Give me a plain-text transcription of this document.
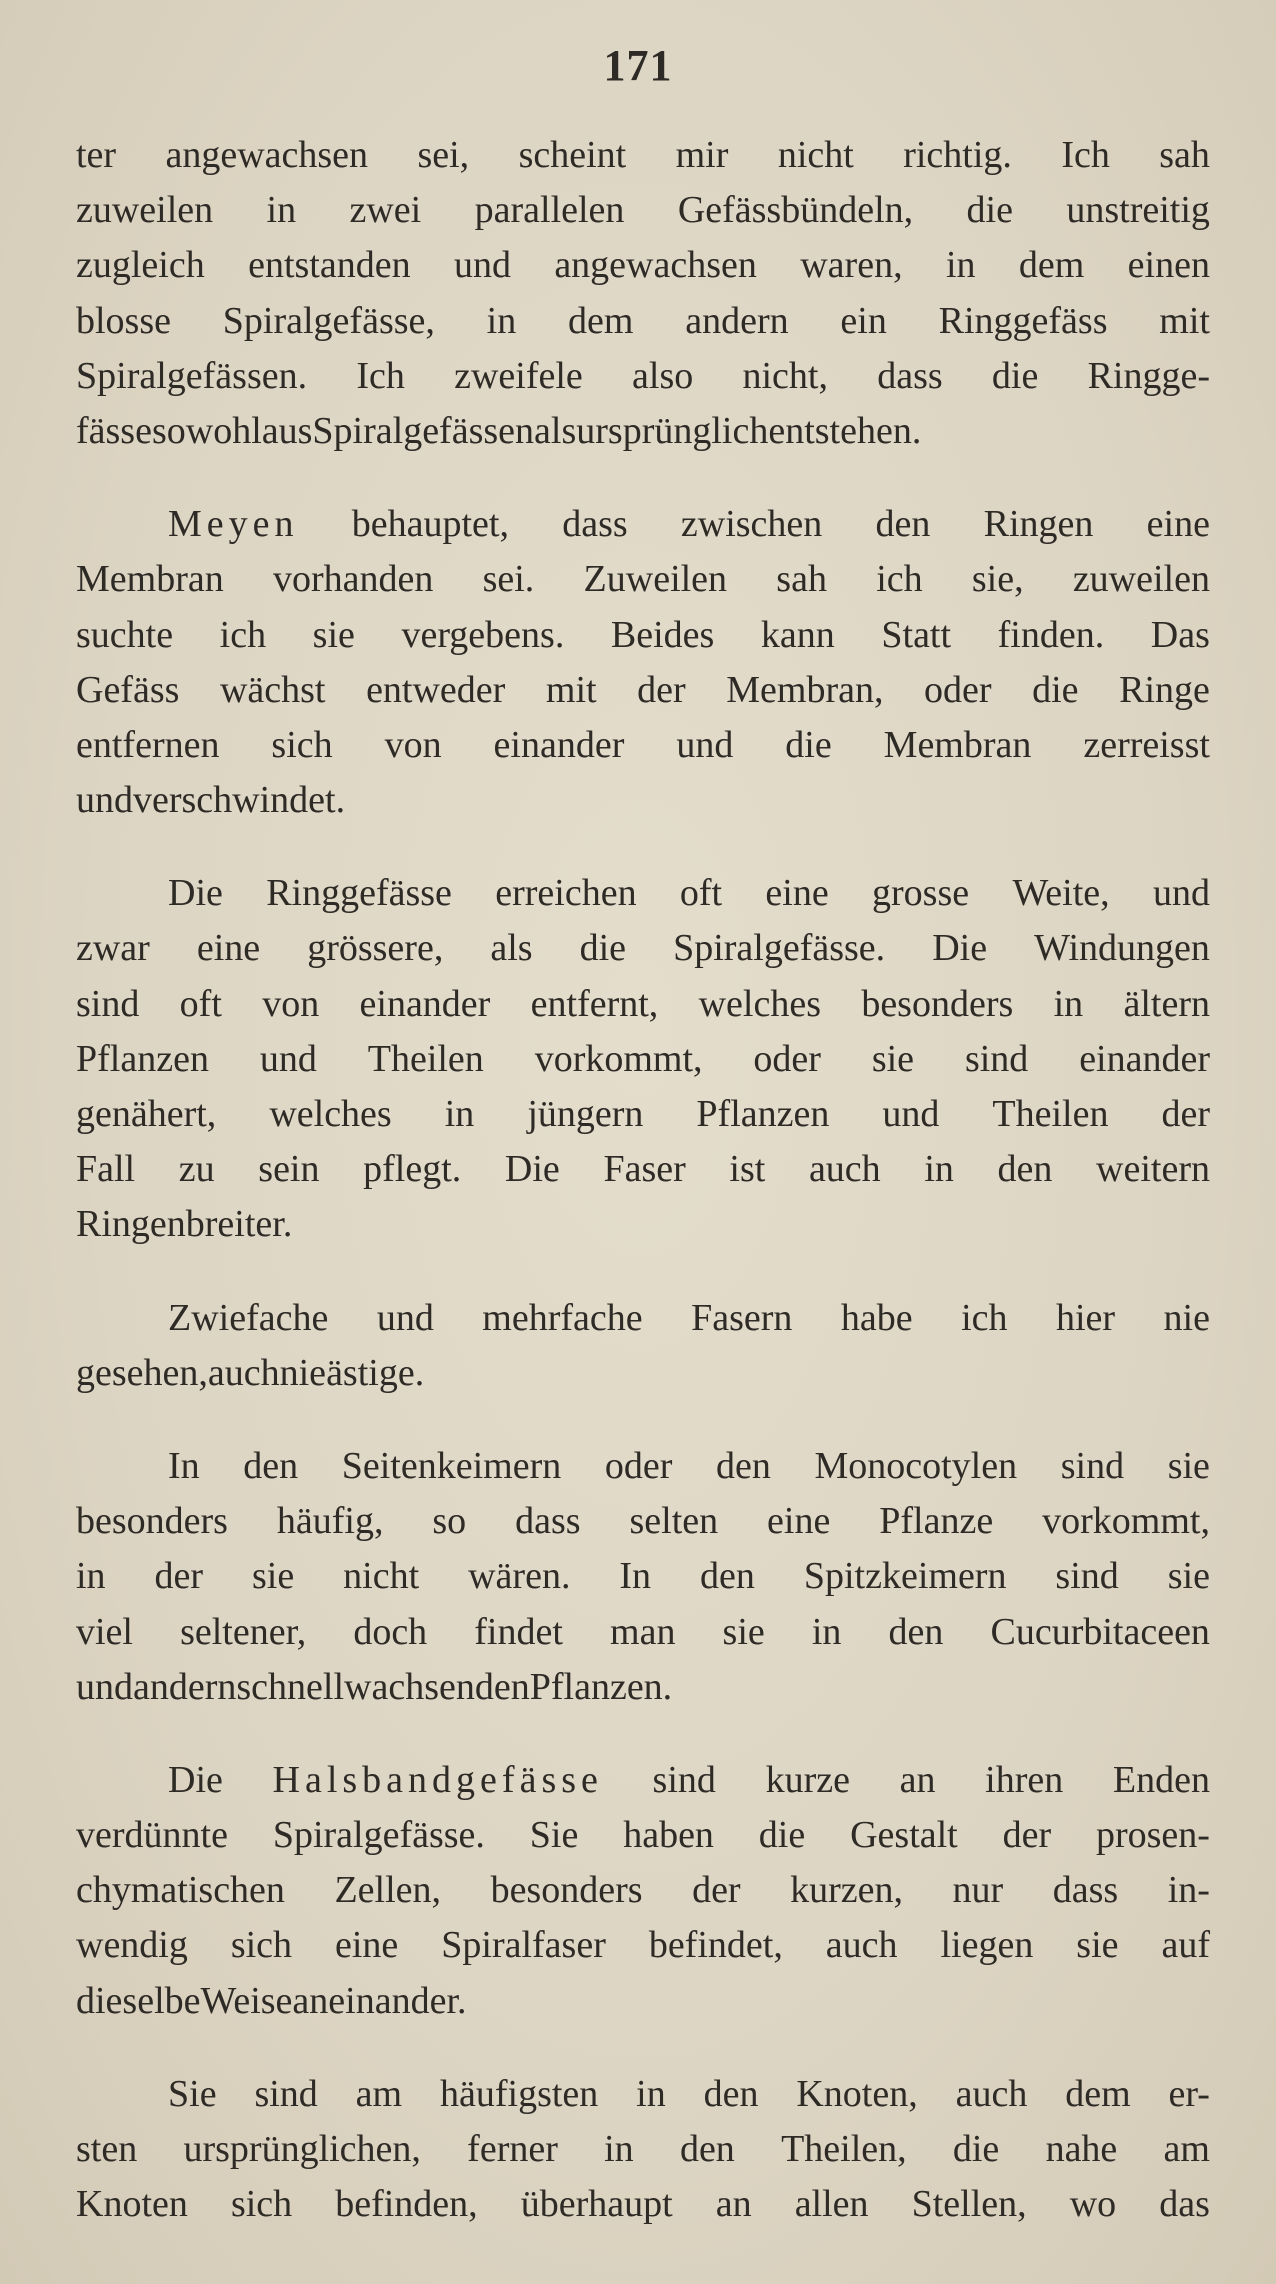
171
ter angewachsen sei, scheint mir nicht richtig. Ich sah
zuweilen in zwei parallelen Gefässbündeln, die unstreitig
zugleich entstanden und angewachsen waren, in dem einen
blosse Spiralgefässe, in dem andern ein Ringgefäss mit
Spiralgefässen. Ich zweifele also nicht, dass die Ringge-
fässe sowohl aus Spiralgefässen als ursprünglich entstehen.
Meyen behauptet, dass zwischen den Ringen eine
Membran vorhanden sei. Zuweilen sah ich sie, zuweilen
suchte ich sie vergebens. Beides kann Statt finden. Das
Gefäss wächst entweder mit der Membran, oder die Ringe
entfernen sich von einander und die Membran zerreisst
und verschwindet.
Die Ringgefässe erreichen oft eine grosse Weite, und
zwar eine grössere, als die Spiralgefässe. Die Windungen
sind oft von einander entfernt, welches besonders in ältern
Pflanzen und Theilen vorkommt, oder sie sind einander
genähert, welches in jüngern Pflanzen und Theilen der
Fall zu sein pflegt. Die Faser ist auch in den weitern
Ringen breiter.
Zwiefache und mehrfache Fasern habe ich hier nie
gesehen, auch nie ästige.
In den Seitenkeimern oder den Monocotylen sind sie
besonders häufig, so dass selten eine Pflanze vorkommt,
in der sie nicht wären. In den Spitzkeimern sind sie
viel seltener, doch findet man sie in den Cucurbitaceen
und andern schnell wachsenden Pflanzen.
Die Halsbandgefässe sind kurze an ihren Enden
verdünnte Spiralgefässe. Sie haben die Gestalt der prosen-
chymatischen Zellen, besonders der kurzen, nur dass in-
wendig sich eine Spiralfaser befindet, auch liegen sie auf
dieselbe Weise an einander.
Sie sind am häufigsten in den Knoten, auch dem er-
sten ursprünglichen, ferner in den Theilen, die nahe am
Knoten sich befinden, überhaupt an allen Stellen, wo das
